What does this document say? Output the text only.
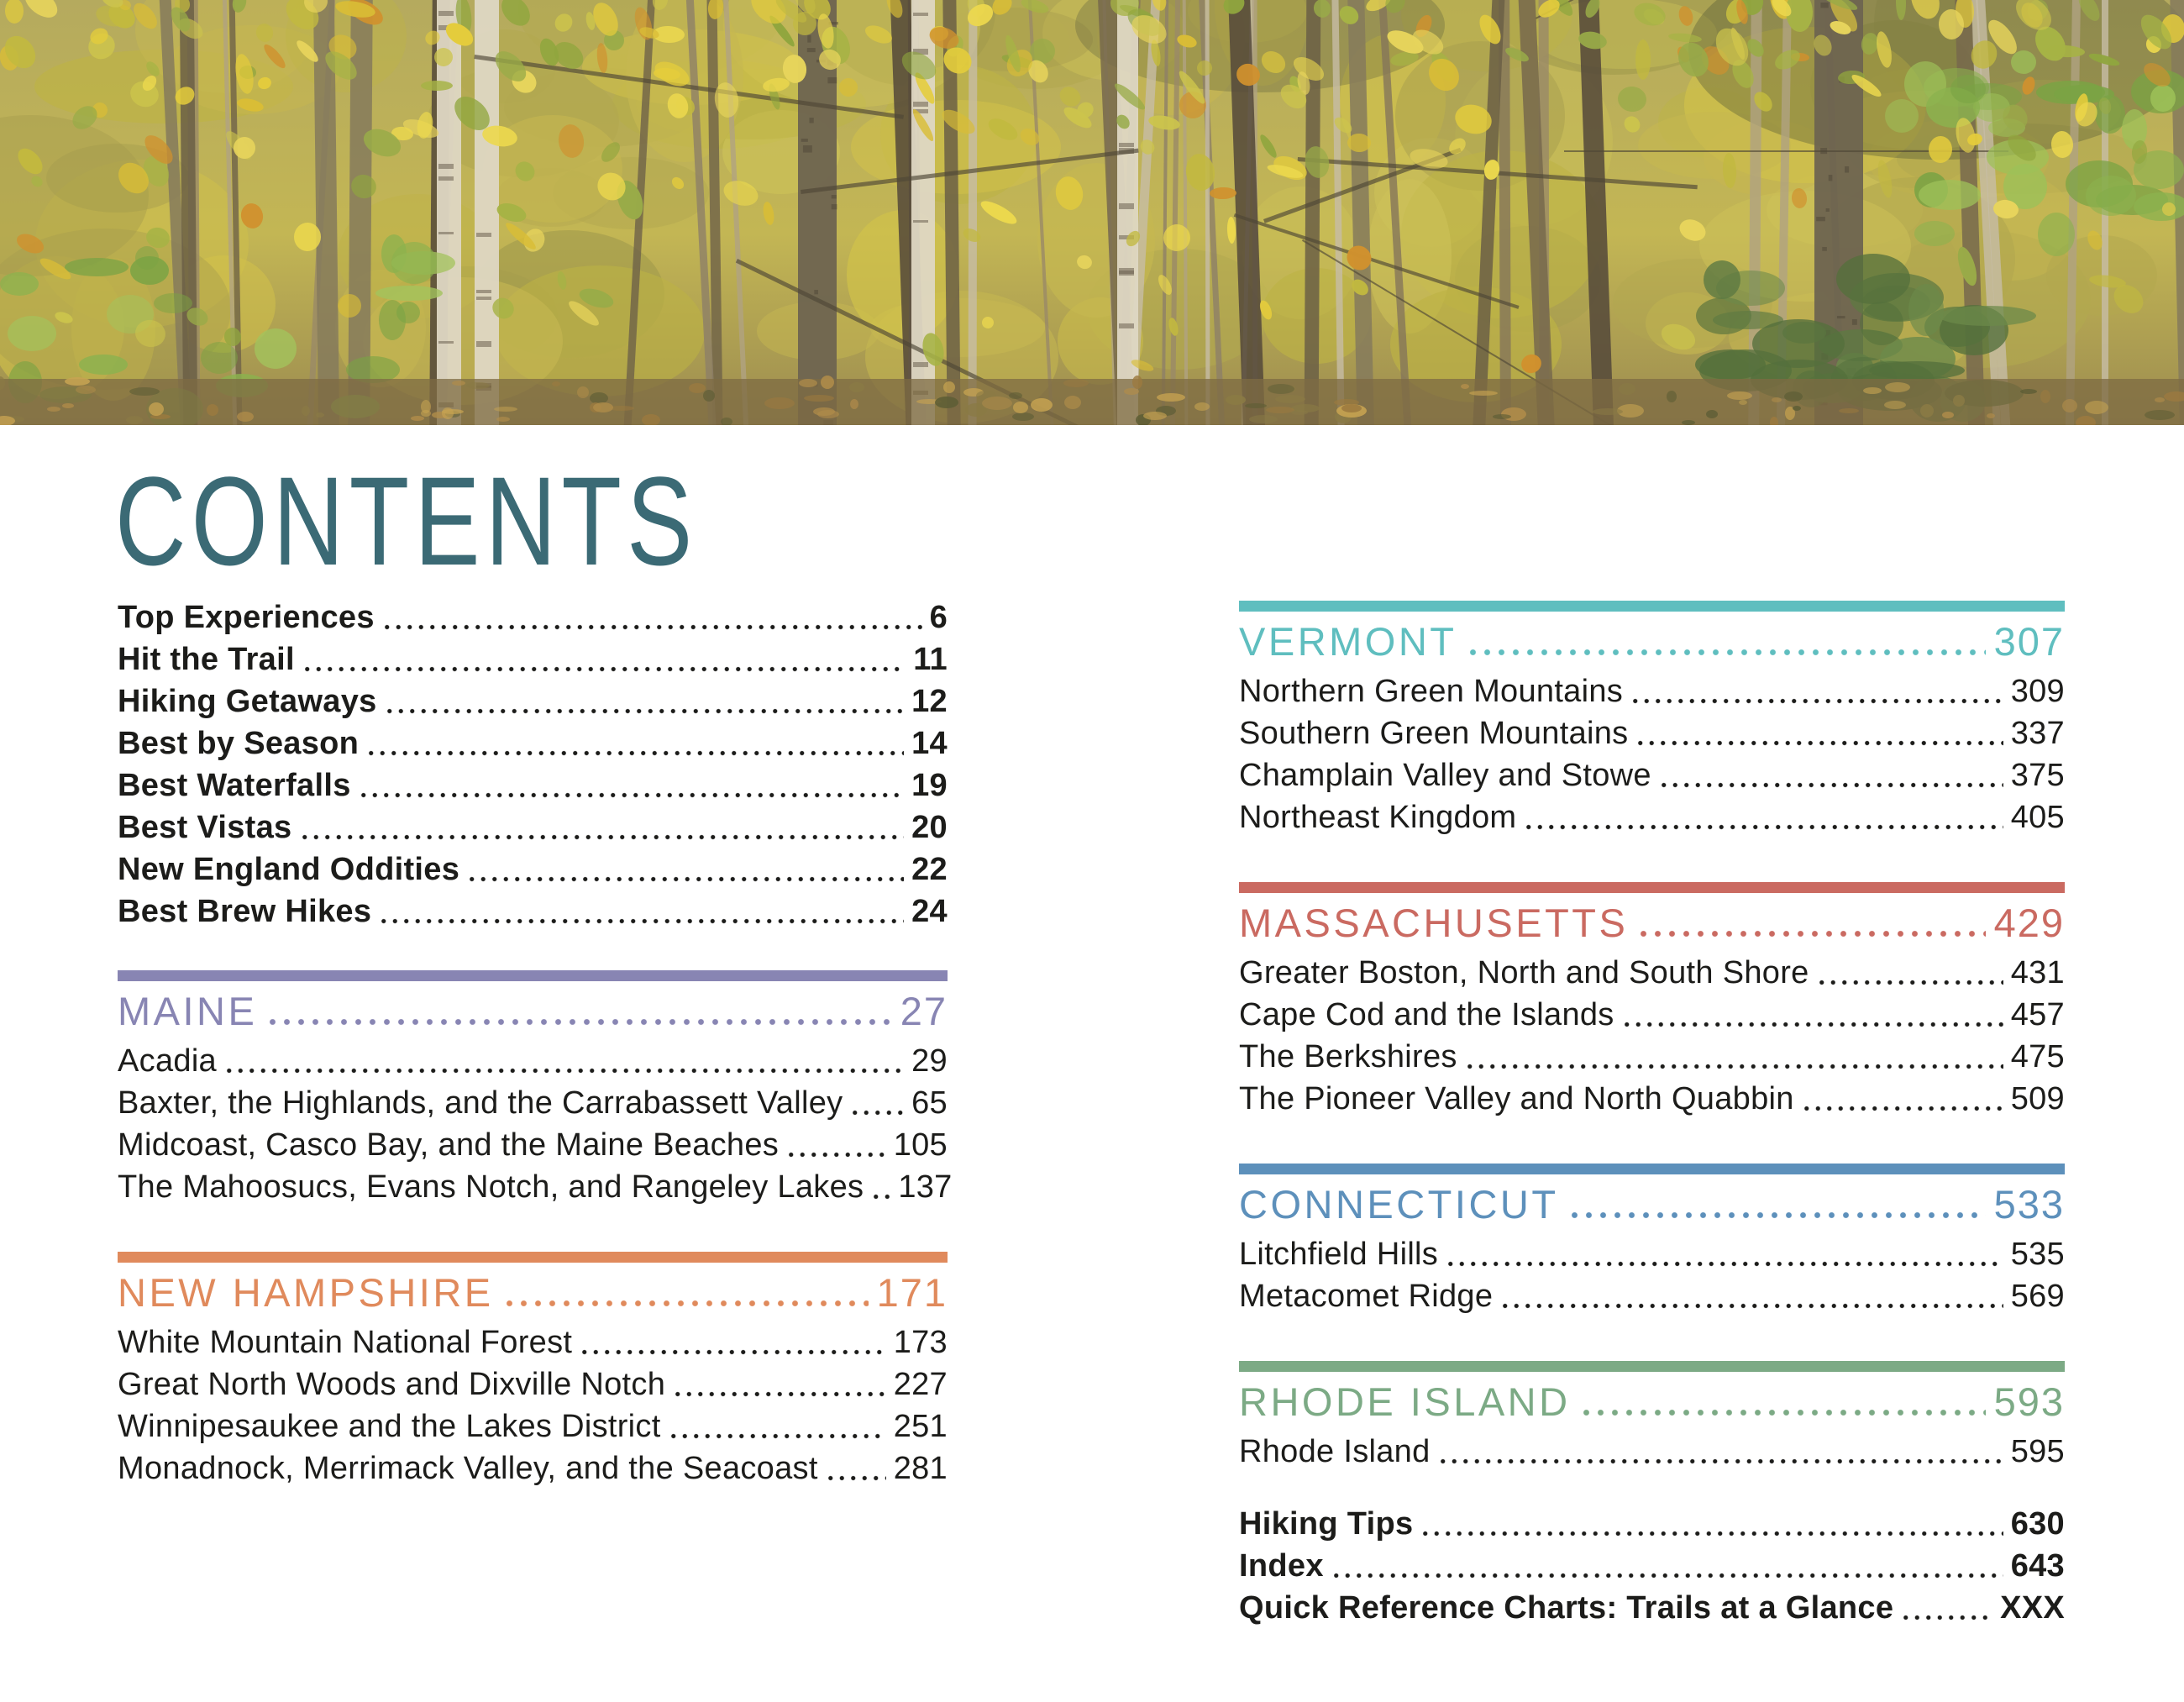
CONTENTS
Top Experiences	6
Hit the Trail	11
Hiking Getaways	12
Best by Season	14
Best Waterfalls	19
Best Vistas	20
New England Oddities	22
Best Brew Hikes	24
MAINE	27
Acadia	29
Baxter, the Highlands, and the Carrabassett Valley 65
Midcoast, Casco Bay, and the Maine Beaches	105
The Mahoosucs, Evans Notch, and Rangeley Lakes 137
NEW HAMPSHIRE	171
White Mountain National Forest	173
Great North Woods and Dixville Notch	227
Winnipesaukee and the Lakes District	251
Monadnock, Merrimack Valley, and the Seacoast 281
VERMONT	307
Northern Green Mountains	309
Southern Green Mountains	337
Champlain Valley and Stowe	375
Northeast Kingdom	405
MASSACHUSETTS	429
Greater Boston, North and South Shore	431
Cape Cod and the Islands	457
The Berkshires	475
The Pioneer Valley and North Quabbin	509
CONNECTICUT	533
Litchfield Hills	535
Metacomet Ridge	569
RHODE ISLAND	593
Rhode Island	595
Hiking Tips	630
Index	643
Quick Reference Charts: Trails at a Glance	XXX
